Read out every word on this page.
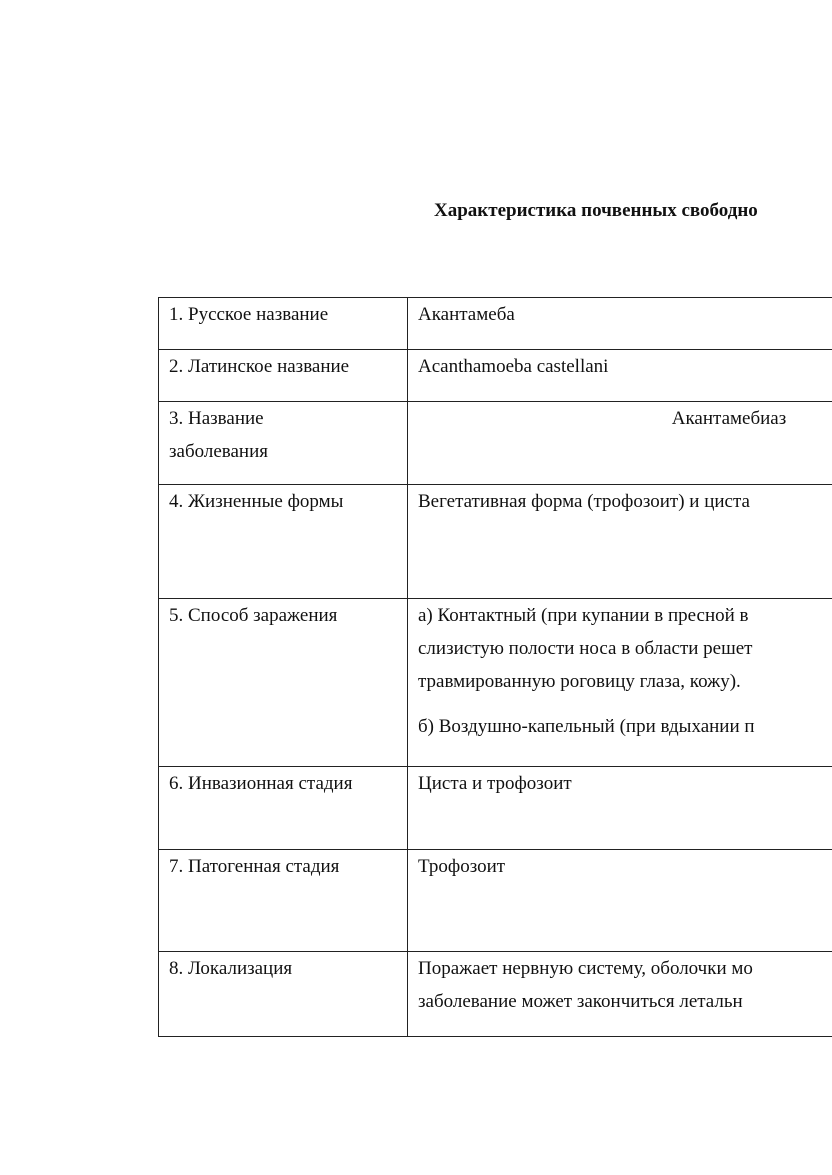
Характеристика почвенных свободно
1. Русское название	Акантамеба

2. Латинское название	Acanthamoeba castellani

3. Название заболевания	Акантамебиаз

4. Жизненные формы	Вегетативная форма (трофозоит) и циста

5. Способ заражения	а) Контактный (при купании в пресной в
слизистую полости носа в области решет
травмированную роговицу глаза, кожу).
б) Воздушно-капельный (при вдыхании п

6. Инвазионная стадия	Циста и трофозоит

7. Патогенная стадия	Трофозоит

8. Локализация	Поражает нервную систему, оболочки мо
заболевание может закончиться летальн
